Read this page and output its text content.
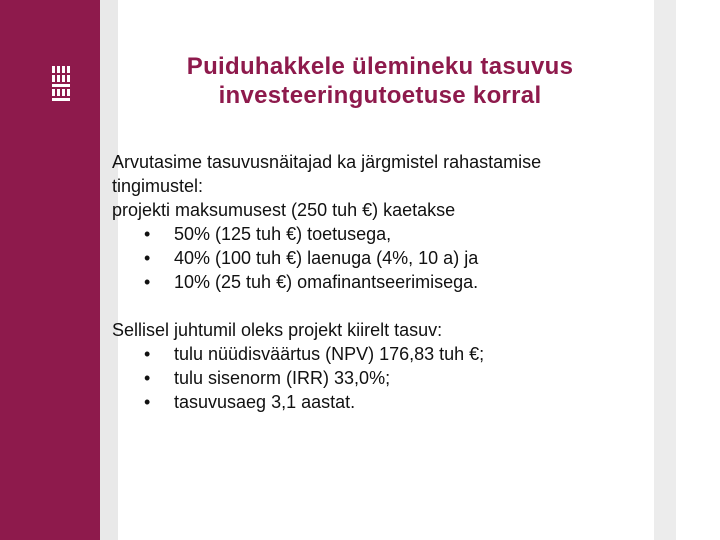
Puiduhakkele ülemineku tasuvus
investeeringutoetuse korral

Arvutasime tasuvusnäitajad ka järgmistel rahastamise

tingimustel:

projekti maksumusest (250 tuh €) kaetakse

• 50% (125 tuh €) toetusega,
• 40% (100 tuh €) laenuga (4%, 10 a) ja
• 10% (25 tuh €) omafinantseerimisega.

Sellisel juhtumil oleks projekt kiirelt tasuv:

• tulu nüüdisväärtus (NPV) 176,83 tuh €;
• tulu sisenorm (IRR) 33,0%;
• tasuvusaeg 3,1 aastat.
